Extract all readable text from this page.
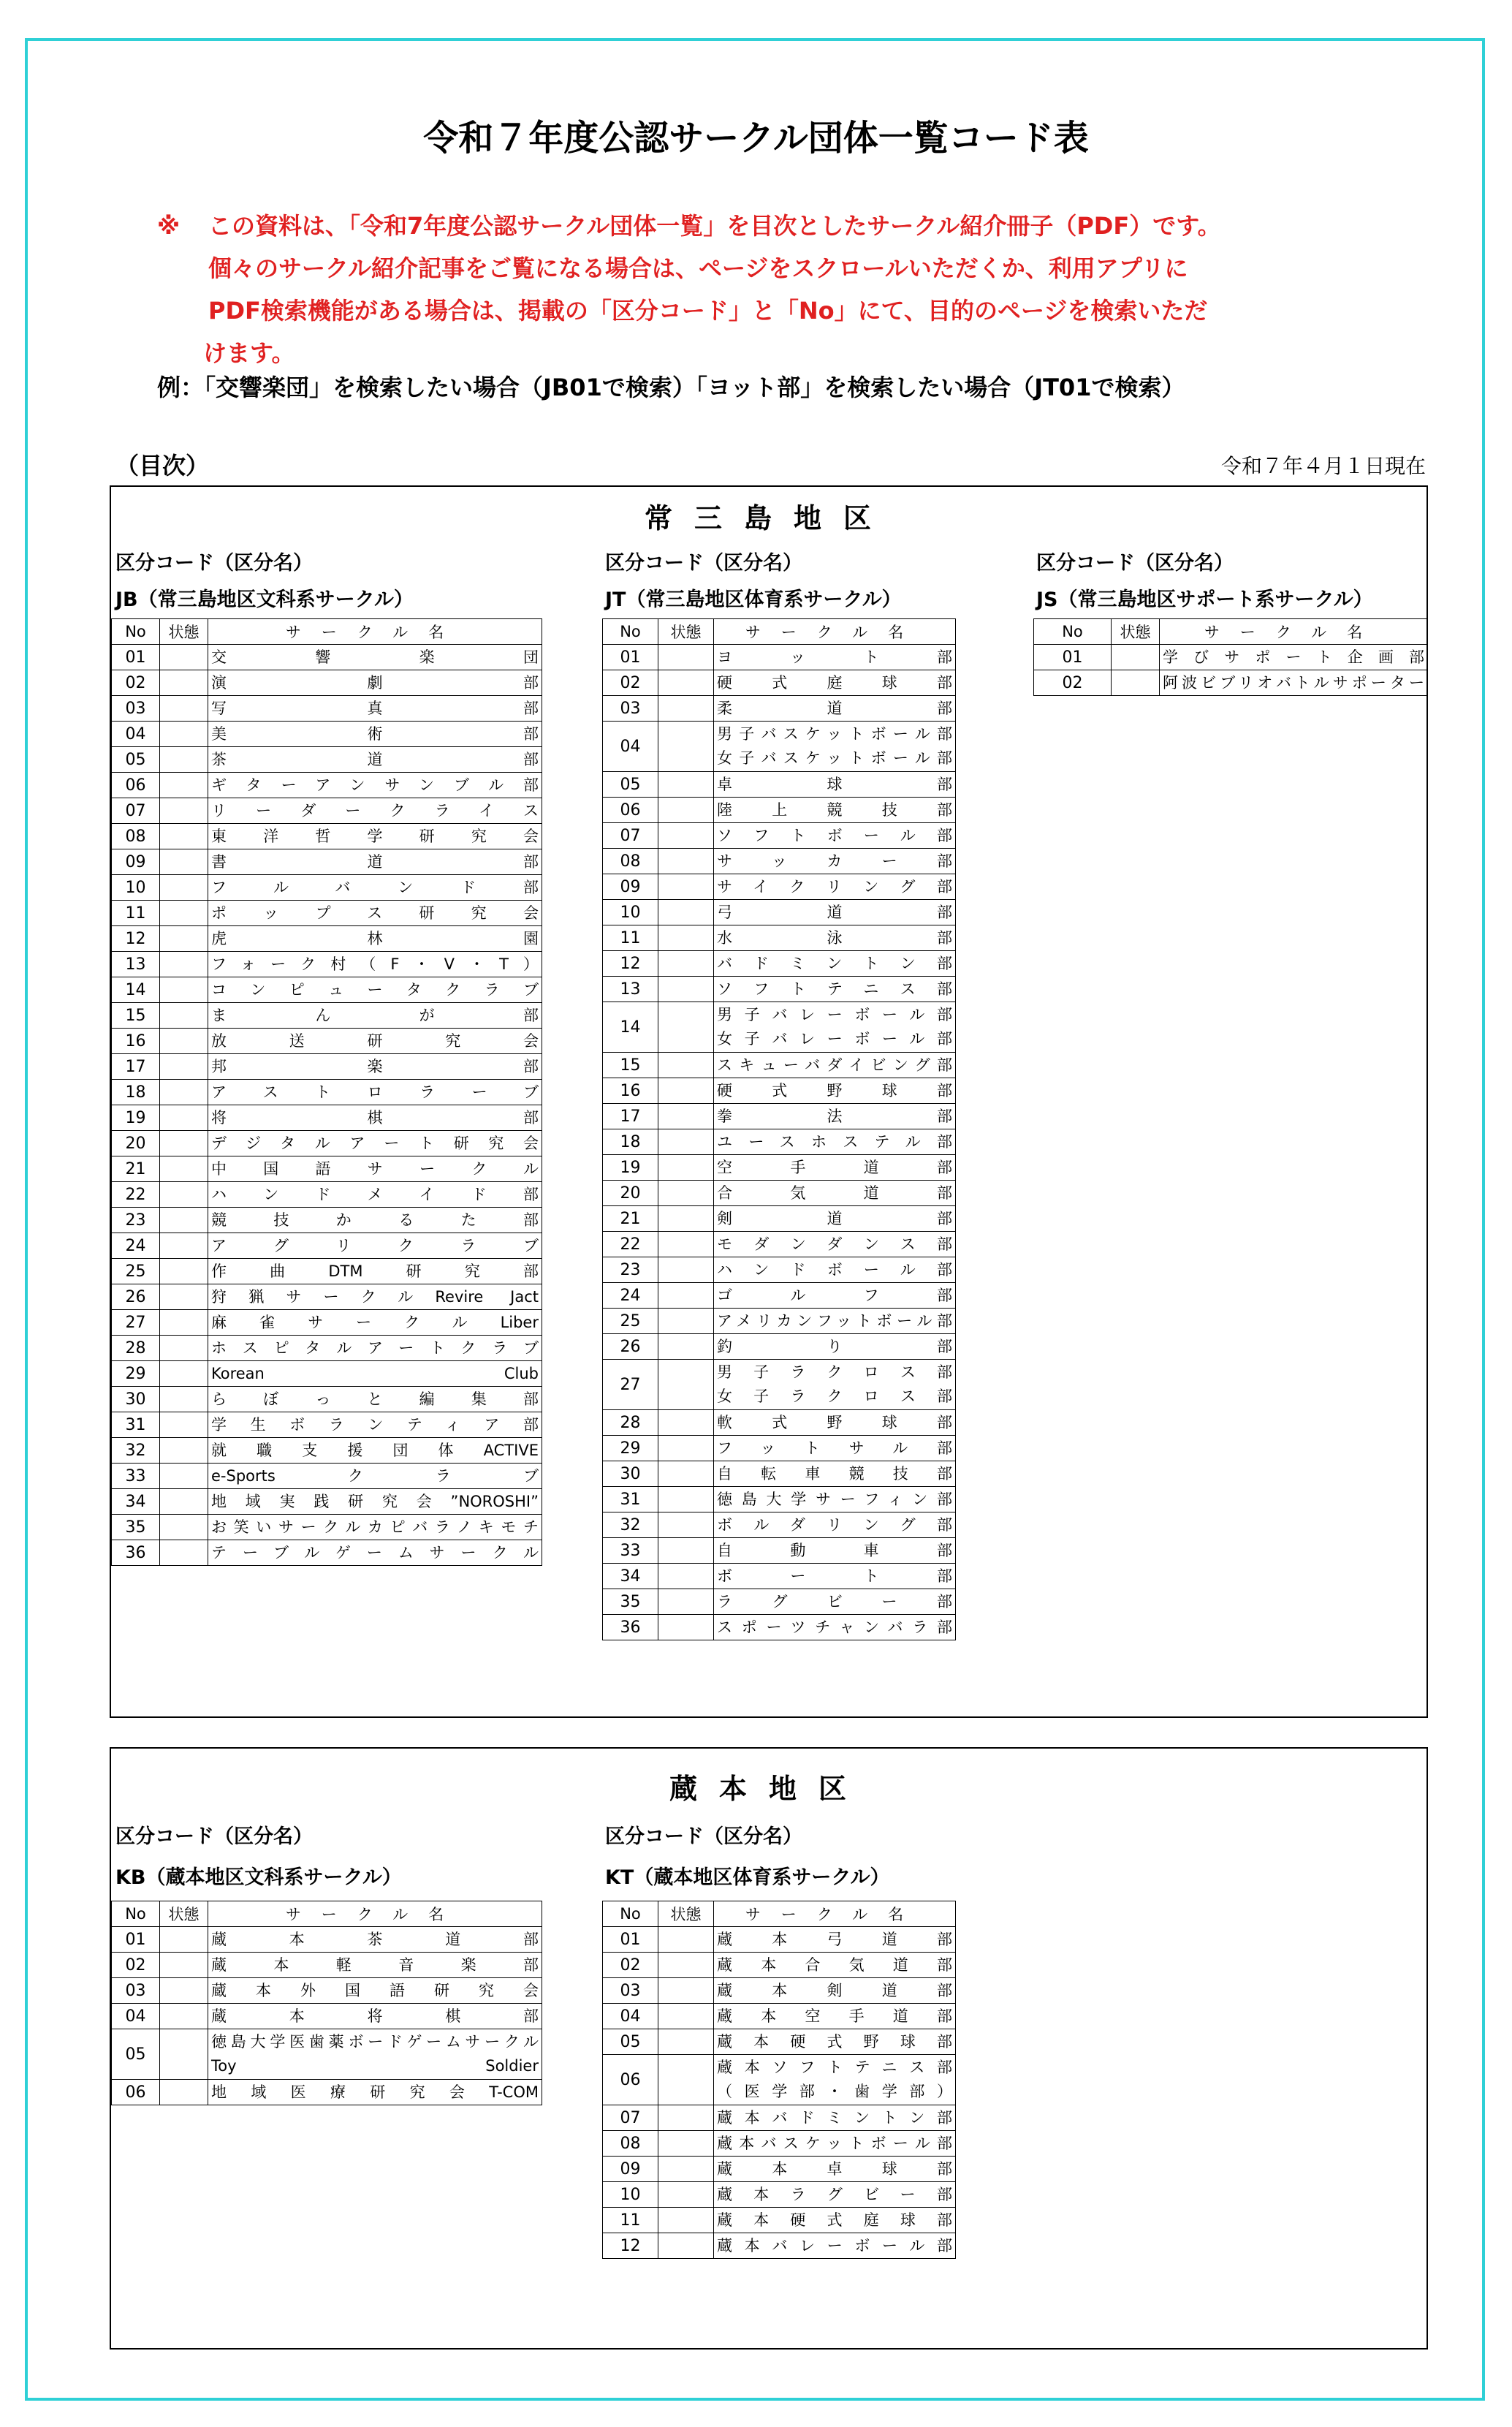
令和７年度公認サークル団体一覧コード表
※ この資料は、「令和7年度公認サークル団体一覧」を目次としたサークル紹介冊子（PDF）です。
個々のサークル紹介記事をご覧になる場合は、ページをスクロールいただくか、利用アプリに
PDF検索機能がある場合は、掲載の「区分コード」と「No」にて、目的のページを検索いただ
けます。
例：「交響楽団」を検索したい場合（JB01で検索）「ヨット部」を検索したい場合（JT01で検索）
（目次）	令和７年４月１日現在
常三島地区
区分コード（区分名）
JB（常三島地区文科系サークル）
区分コード（区分名）
JT（常三島地区体育系サークル）
区分コード（区分名）
JS（常三島地区サポート系サークル）
No	状態	サークル名
01		交響楽団

02		演劇部

03		写真部

04		美術部

05		茶道部

06		ギターアンサンブル部

07		リーダークライス

08		東洋哲学研究会

09		書道部

10		フルバンド部

11		ポップス研究会

12		虎林園

13		フォーク村（F・V・T）

14		コンピュータクラブ

15		まんが部

16		放送研究会

17		邦楽部

18		アストロラーブ

19		将棋部

20		デジタルアート研究会

21		中国語サークル

22		ハンドメイド部

23		競技かるた部

24		アグリクラブ

25		作曲DTM研究部

26		狩猟サークルRevire Jact

27		麻雀サークルLiber

28		ホスピタルアートクラブ

29		Korean Club

30		らぼっと編集部

31		学生ボランティア部

32		就職支援団体ACTIVE

33		e-Sportsクラブ

34		地域実践研究会”NOROSHI”

35		お笑いサークルカピバラノキモチ

36		テーブルゲームサークル
No	状態	サークル名
01		ヨット部

02		硬式庭球部

03		柔道部

04		男子バスケットボール部
女子バスケットボール部

05		卓球部

06		陸上競技部

07		ソフトボール部

08		サッカー部

09		サイクリング部

10		弓道部

11		水泳部

12		バドミントン部

13		ソフトテニス部

14		男子バレーボール部
女子バレーボール部

15		スキューバダイビング部

16		硬式野球部

17		拳法部

18		ユースホステル部

19		空手道部

20		合気道部

21		剣道部

22		モダンダンス部

23		ハンドボール部

24		ゴルフ部

25		アメリカンフットボール部

26		釣り部

27		男子ラクロス部
女子ラクロス部

28		軟式野球部

29		フットサル部

30		自転車競技部

31		徳島大学サーフィン部

32		ボルダリング部

33		自動車部

34		ボート部

35		ラグビー部

36		スポーツチャンバラ部
No	状態	サークル名
01		学びサポート企画部

02		阿波ビブリオバトルサポーター
蔵本地区
区分コード（区分名）
KB（蔵本地区文科系サークル）
区分コード（区分名）
KT（蔵本地区体育系サークル）
No	状態	サークル名
01		蔵本茶道部

02		蔵本軽音楽部

03		蔵本外国語研究会

04		蔵本将棋部

05		徳島大学医歯薬ボードゲームサークル
Toy Soldier

06		地域医療研究会T-COM
No	状態	サークル名
01		蔵本弓道部

02		蔵本合気道部

03		蔵本剣道部

04		蔵本空手道部

05		蔵本硬式野球部

06		蔵本ソフトテニス部
（医学部・歯学部）

07		蔵本バドミントン部

08		蔵本バスケットボール部

09		蔵本卓球部

10		蔵本ラグビー部

11		蔵本硬式庭球部

12		蔵本バレーボール部
